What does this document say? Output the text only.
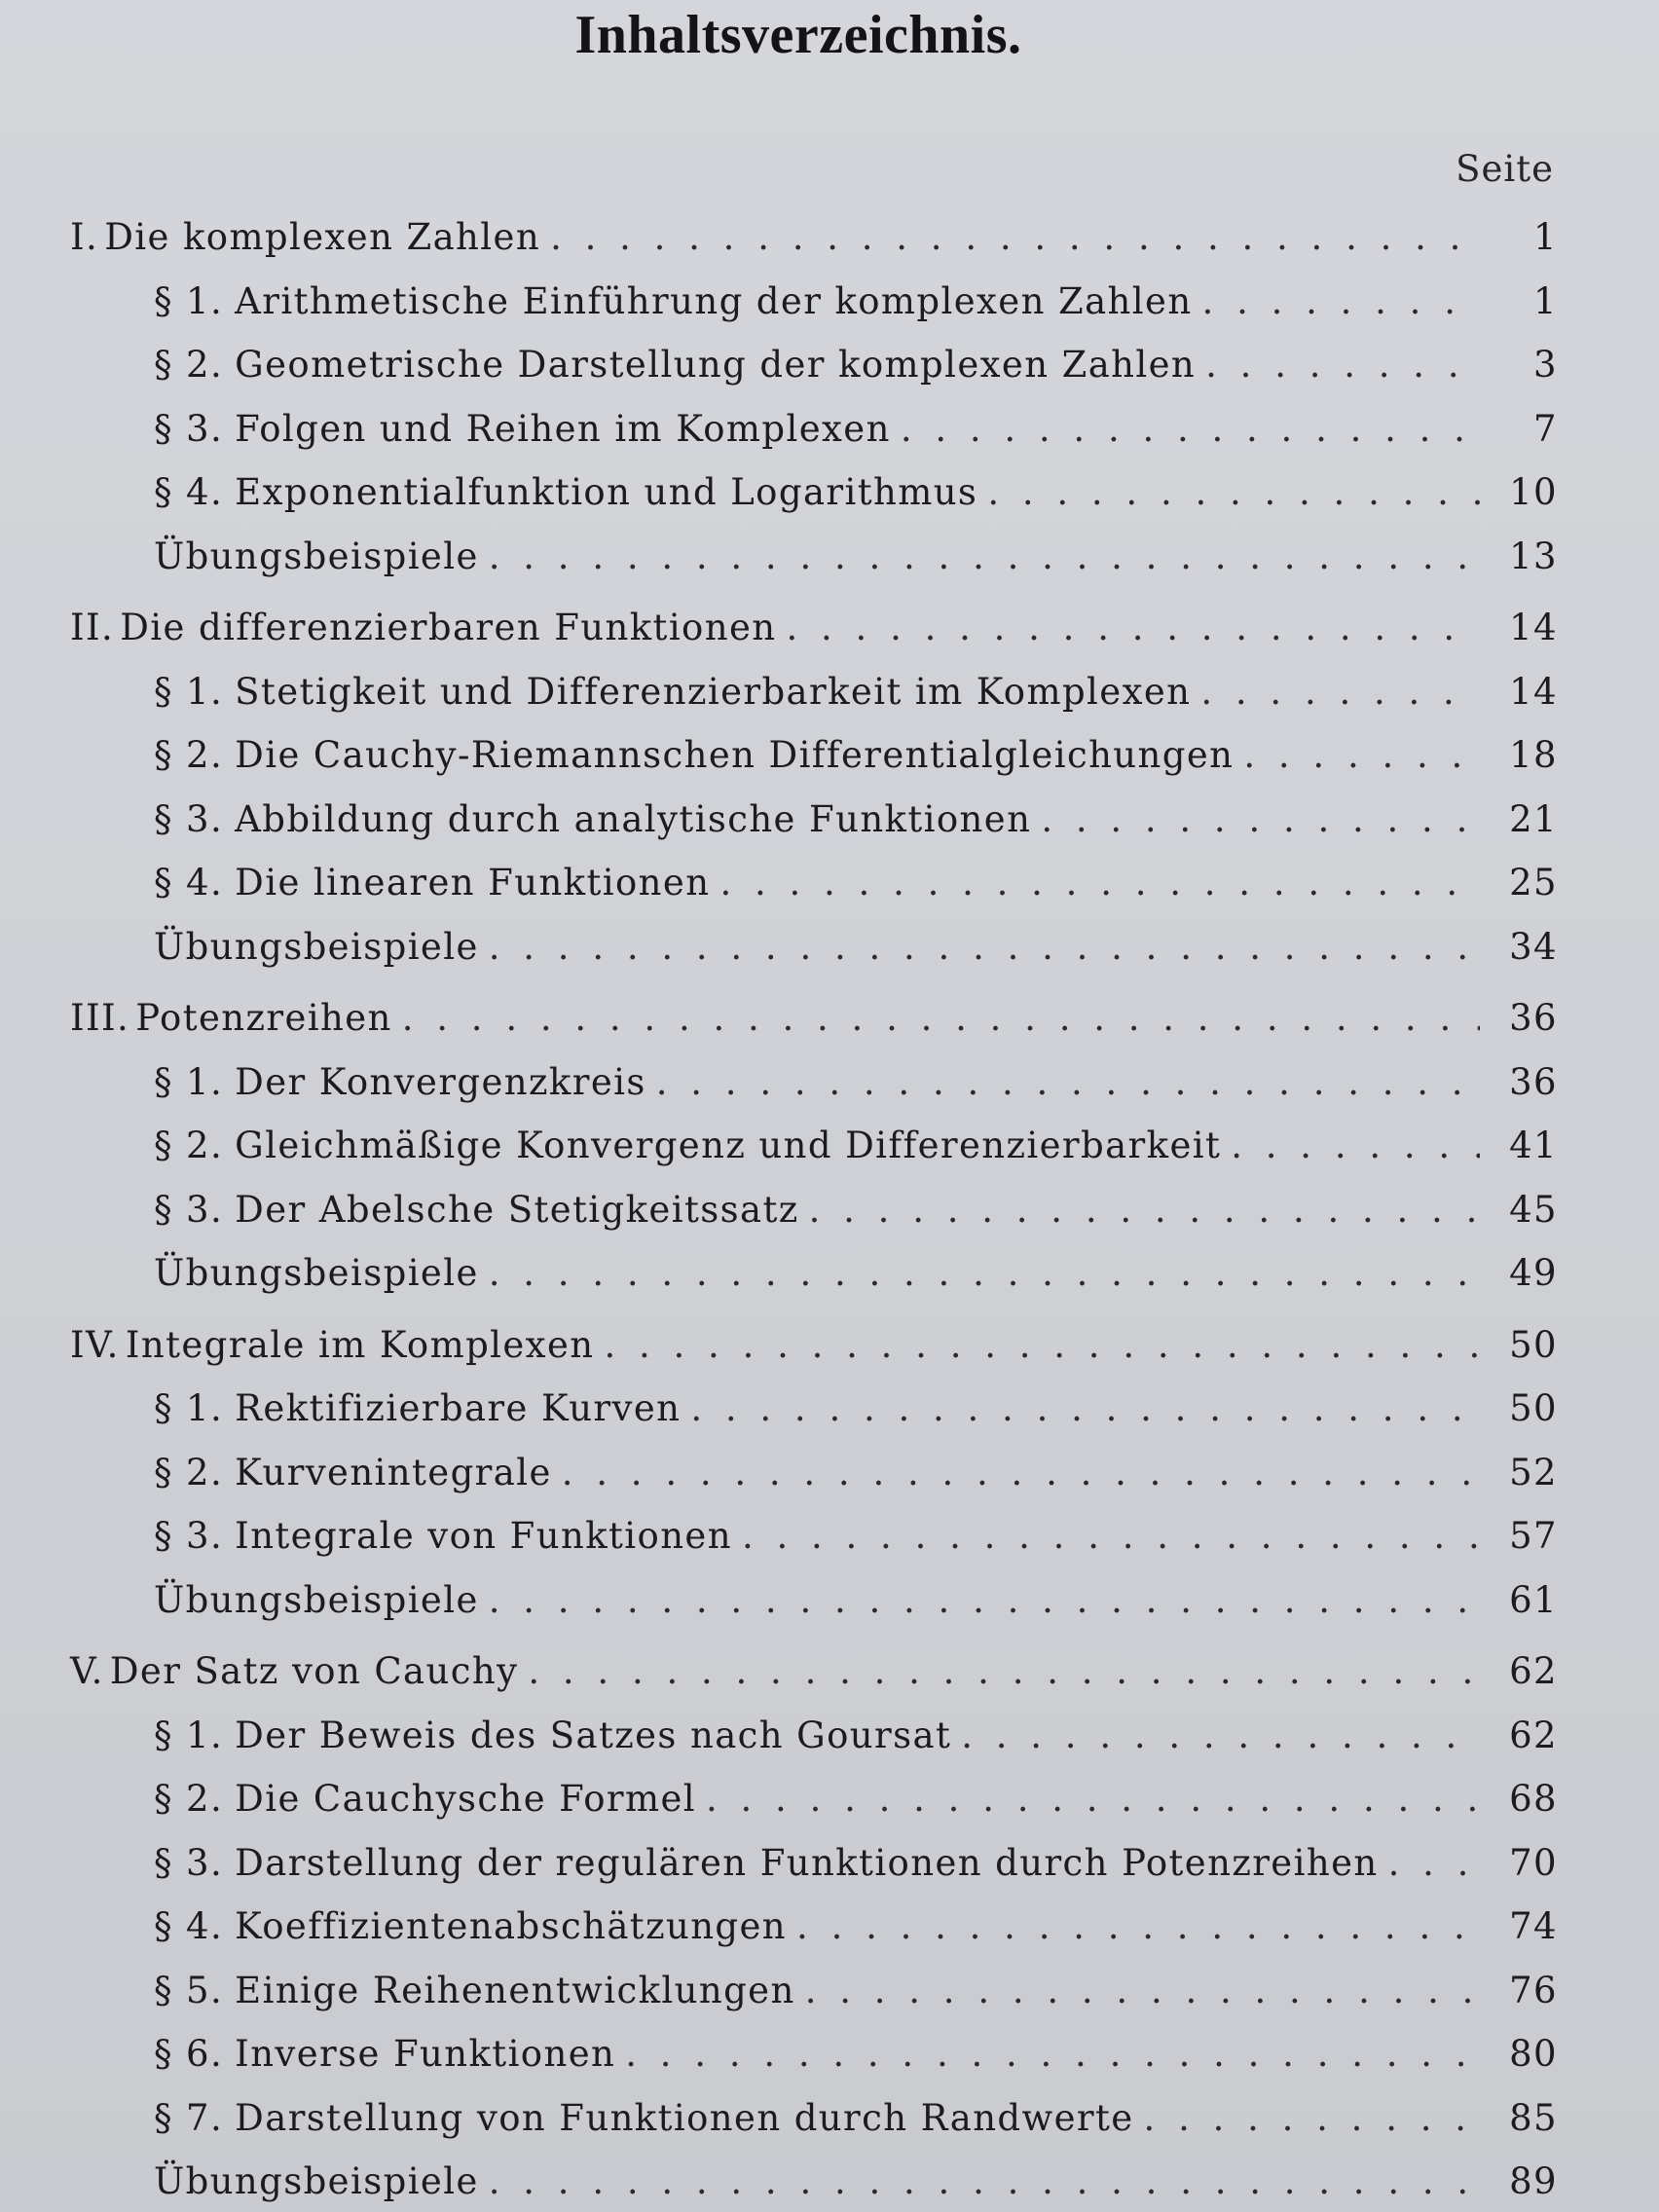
Inhaltsverzeichnis.
Seite
I. Die komplexen Zahlen . . .	1
§ 1. Arithmetische Einführung der komplexen Zahlen . . .	1
§ 2. Geometrische Darstellung der komplexen Zahlen . . .	3
§ 3. Folgen und Reihen im Komplexen . . .	7
§ 4. Exponentialfunktion und Logarithmus . . .	10
Übungsbeispiele . . .	13
II. Die differenzierbaren Funktionen . . .	14
§ 1. Stetigkeit und Differenzierbarkeit im Komplexen . . .	14
§ 2. Die Cauchy-Riemannschen Differentialgleichungen . . .	18
§ 3. Abbildung durch analytische Funktionen . . .	21
§ 4. Die linearen Funktionen . . .	25
Übungsbeispiele . . .	34
III. Potenzreihen . . .	36
§ 1. Der Konvergenzkreis . . .	36
§ 2. Gleichmäßige Konvergenz und Differenzierbarkeit . . .	41
§ 3. Der Abelsche Stetigkeitssatz . . .	45
Übungsbeispiele . . .	49
IV. Integrale im Komplexen . . .	50
§ 1. Rektifizierbare Kurven . . .	50
§ 2. Kurvenintegrale . . .	52
§ 3. Integrale von Funktionen . . .	57
Übungsbeispiele . . .	61
V. Der Satz von Cauchy . . .	62
§ 1. Der Beweis des Satzes nach Goursat . . .	62
§ 2. Die Cauchysche Formel . . .	68
§ 3. Darstellung der regulären Funktionen durch Potenzreihen . . .	70
§ 4. Koeffizientenabschätzungen . . .	74
§ 5. Einige Reihenentwicklungen . . .	76
§ 6. Inverse Funktionen . . .	80
§ 7. Darstellung von Funktionen durch Randwerte . . .	85
Übungsbeispiele . . .	89
